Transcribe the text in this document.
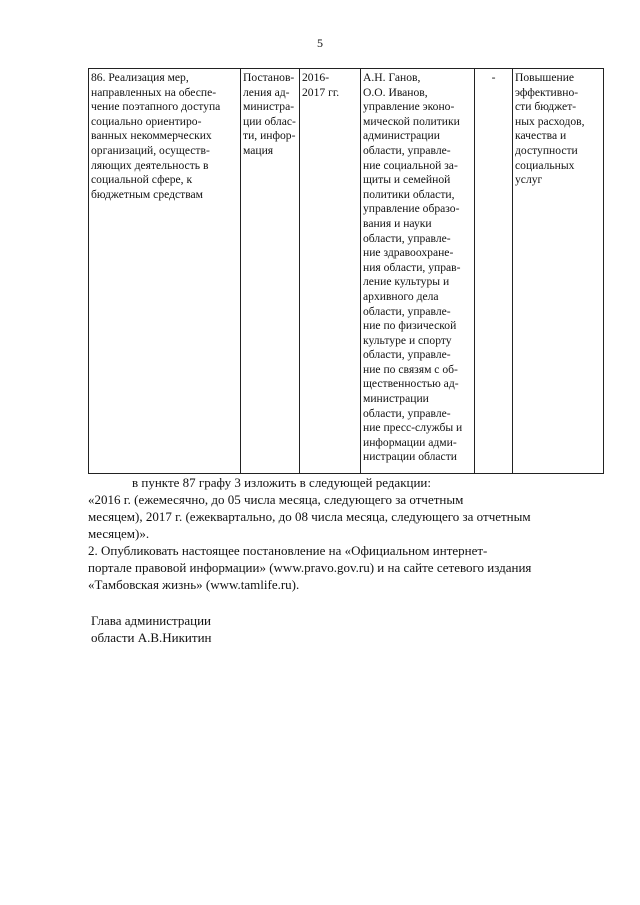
5
86. Реализация мер,
направленных на обеспе-
чение поэтапного доступа
социально ориентиро-
ванных некоммерческих
организаций, осуществ-
ляющих деятельность в
социальной сфере, к
бюджетным средствам	Постанов-
ления ад-
министра-
ции облас-
ти, инфор-
мация	2016-
2017 гг.	А.Н. Ганов,
О.О. Иванов,
управление эконо-
мической политики
администрации
области, управле-
ние социальной за-
щиты и семейной
политики области,
управление образо-
вания и науки
области, управле-
ние здравоохране-
ния области, управ-
ление культуры и
архивного дела
области, управле-
ние по физической
культуре и спорту
области, управле-
ние по связям с об-
щественностью ад-
министрации
области, управле-
ние пресс-службы и
информации адми-
нистрации области	-	Повышение
эффективно-
сти бюджет-
ных расходов,
качества и
доступности
социальных
услуг

в пункте 87 графу 3 изложить в следующей редакции:

«2016 г. (ежемесячно, до 05 числа месяца, следующего за отчетным
месяцем), 2017 г. (ежеквартально, до 08 числа месяца, следующего за отчетным
месяцем)».

2. Опубликовать настоящее постановление на «Официальном интернет-
портале правовой информации» (www.pravo.gov.ru) и на сайте сетевого издания
«Тамбовская жизнь» (www.tamlife.ru).

Глава администрации
области А.В.Никитин
